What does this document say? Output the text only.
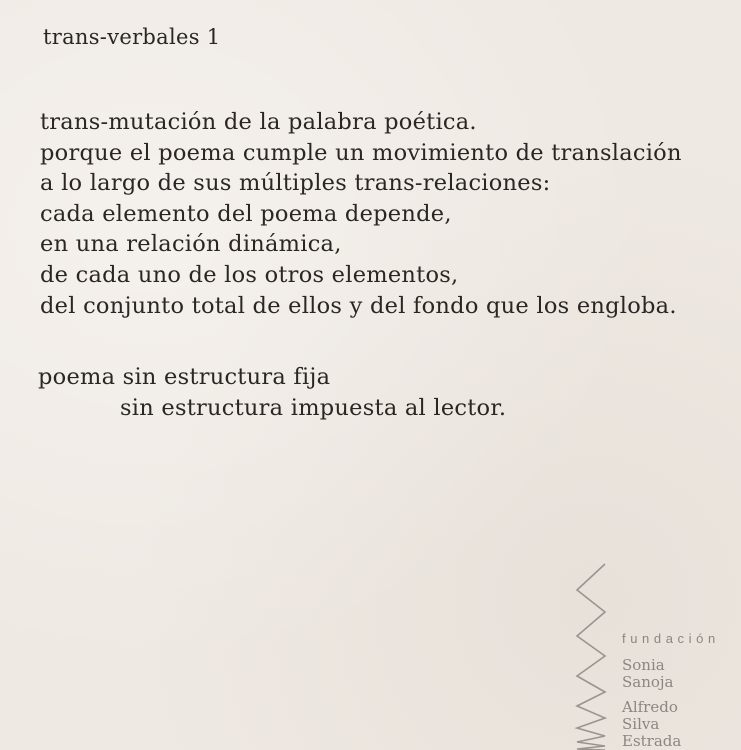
trans-verbales 1
trans-mutación de la palabra poética.
porque el poema cumple un movimiento de translación
a lo largo de sus múltiples trans-relaciones:
cada elemento del poema depende,
en una relación dinámica,
de cada uno de los otros elementos,
del conjunto total de ellos y del fondo que los engloba.
poema sin estructura fija
sin estructura impuesta al lector.
fundación
Sonia
Sanoja
Alfredo
Silva
Estrada
